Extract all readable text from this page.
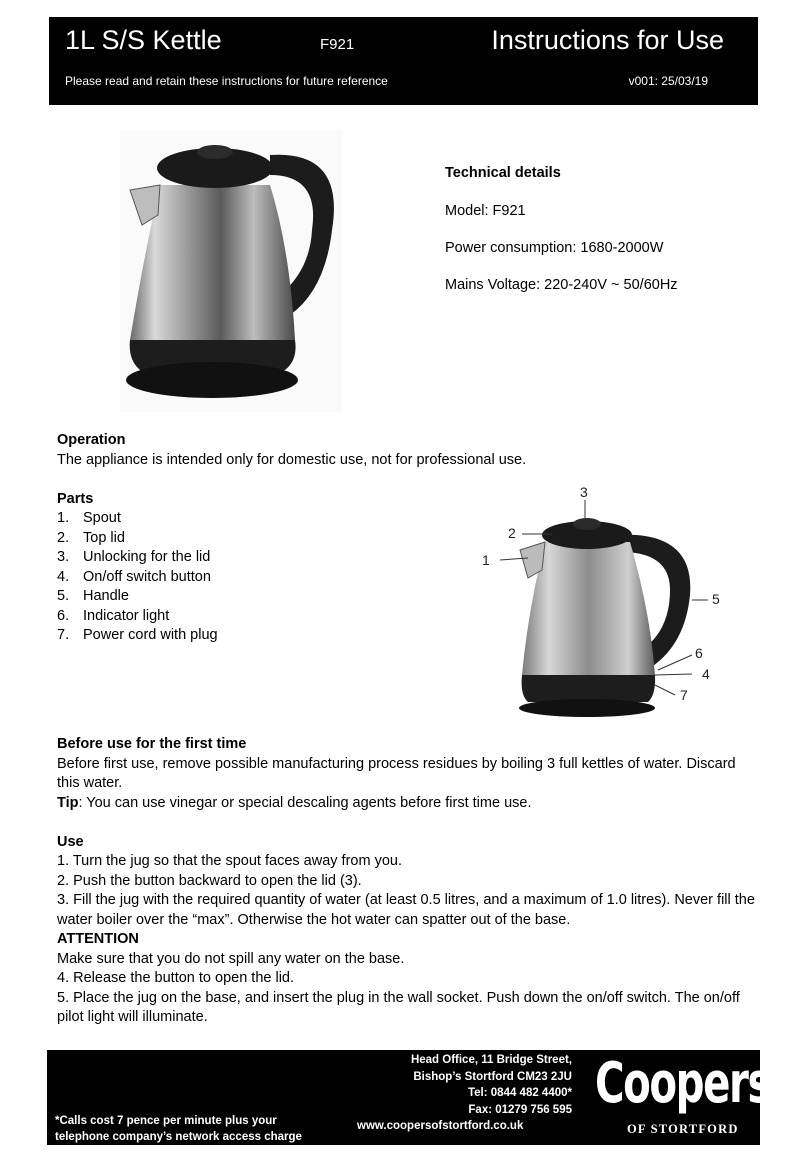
1L S/S Kettle	F921	Instructions for Use
Please read and retain these instructions for future reference	v001: 25/03/19
Technical details
Model: F921
Power consumption: 1680-2000W
Mains Voltage: 220-240V ~ 50/60Hz
Operation
The appliance is intended only for domestic use, not for professional use.
Parts
1. Spout
2. Top lid
3. Unlocking for the lid
4. On/off switch button
5. Handle
6. Indicator light
7. Power cord with plug
1
2
3
4
5
6
7
Before use for the first time
Before first use, remove possible manufacturing process residues by boiling 3 full kettles of water. Discard this water.
Tip: You can use vinegar or special descaling agents before first time use.
Use
1. Turn the jug so that the spout faces away from you.
2. Push the button backward to open the lid (3).
3. Fill the jug with the required quantity of water (at least 0.5 litres, and a maximum of 1.0 litres). Never fill the water boiler over the “max”. Otherwise the hot water can spatter out of the base.
ATTENTION
Make sure that you do not spill any water on the base.
4. Release the button to open the lid.
5. Place the jug on the base, and insert the plug in the wall socket. Push down the on/off switch. The on/off pilot light will illuminate.
Head Office, 11 Bridge Street,
Bishop’s Stortford CM23 2JU
Tel: 0844 482 4400*
Fax: 01279 756 595
www.coopersofstortford.co.uk
*Calls cost 7 pence per minute plus your
telephone company’s network access charge
Coopers
OF STORTFORD
